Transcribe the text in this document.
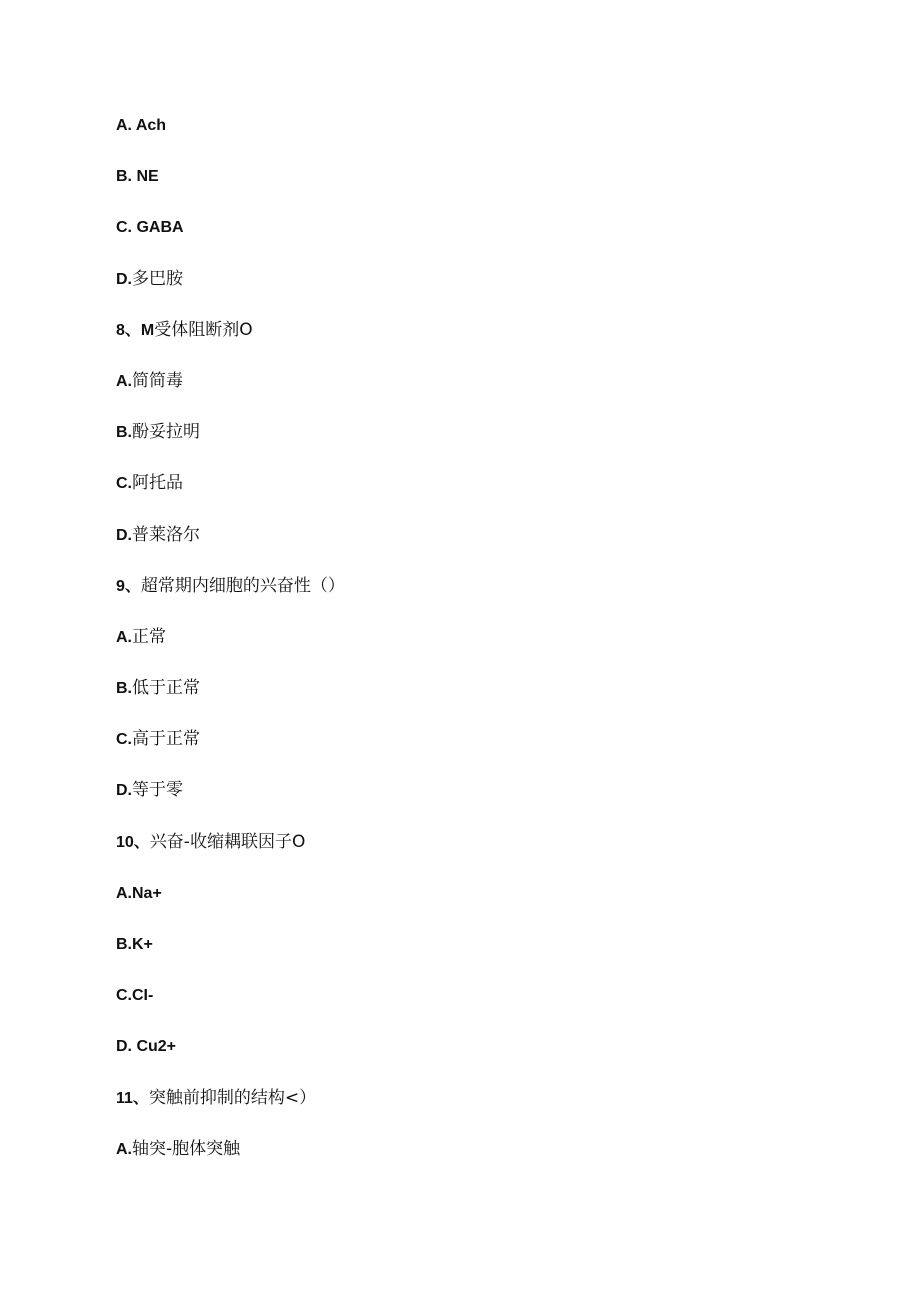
A. Ach
B. NE
C. GABA
D.多巴胺
8、M受体阻断剂O
A.简简毒
B.酚妥拉明
C.阿托品
D.普莱洛尔
9、超常期内细胞的兴奋性（）
A.正常
B.低于正常
C.高于正常
D.等于零
10、兴奋-收缩耦联因子O
A.Na+
B.K+
C.CI-
D. Cu2+
11、突触前抑制的结构<）
A.轴突-胞体突触
